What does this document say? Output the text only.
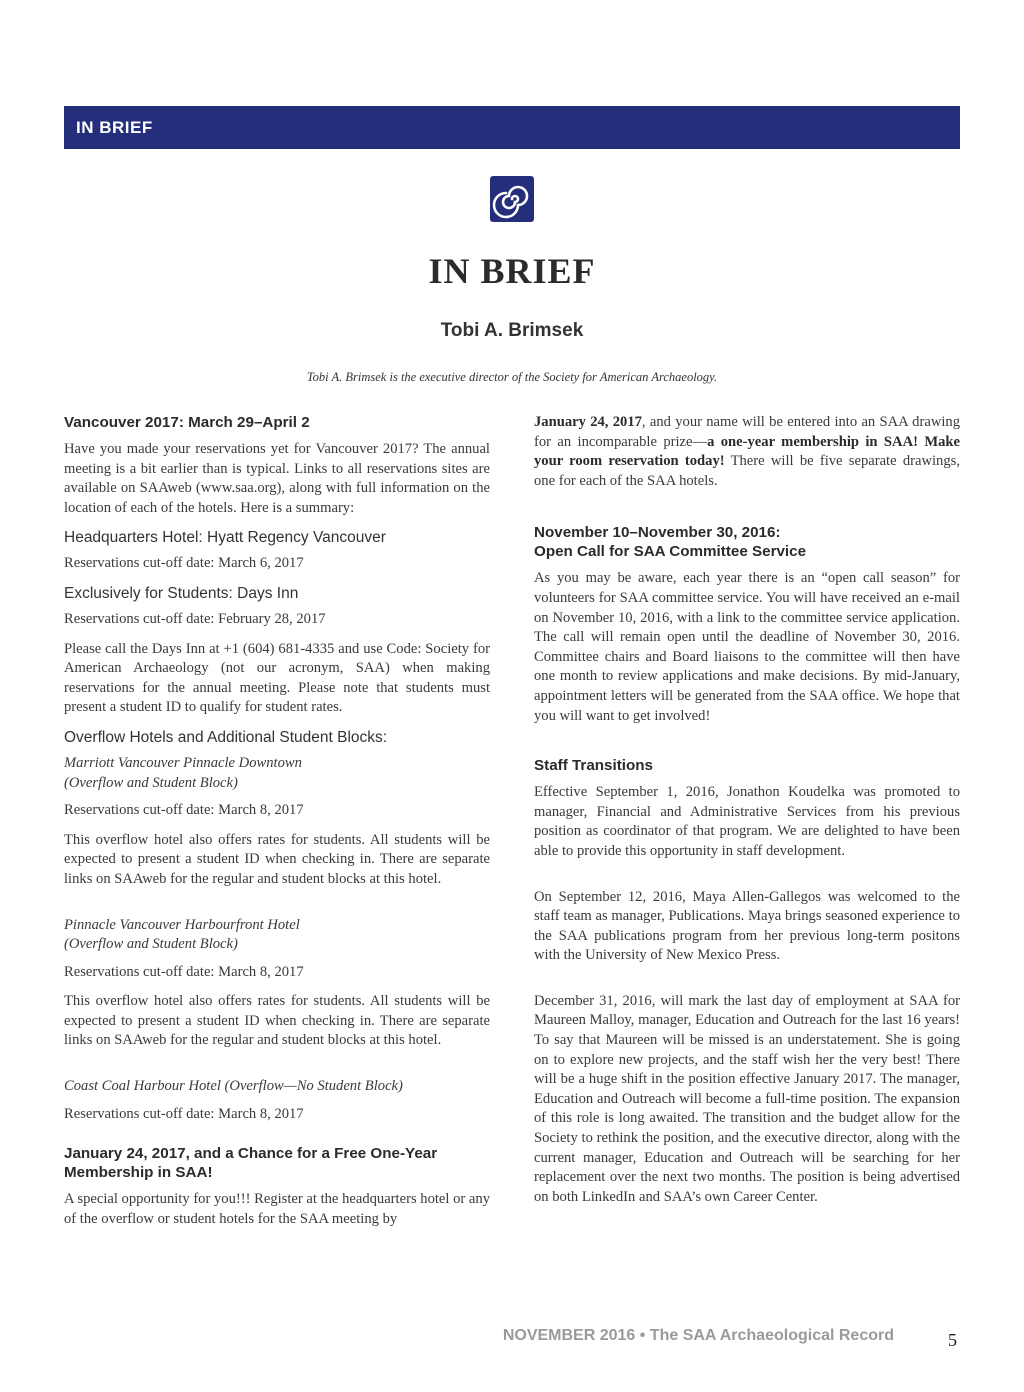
IN BRIEF
IN BRIEF
Tobi A. Brimsek
Tobi A. Brimsek is the executive director of the Society for American Archaeology.
Vancouver 2017: March 29–April 2

Have you made your reservations yet for Vancouver 2017? The annual meeting is a bit earlier than is typical. Links to all reservations sites are available on SAAweb (www.saa.org), along with full information on the location of each of the hotels. Here is a summary:

Headquarters Hotel: Hyatt Regency Vancouver

Reservations cut-off date: March 6, 2017

Exclusively for Students: Days Inn

Reservations cut-off date: February 28, 2017

Please call the Days Inn at +1 (604) 681-4335 and use Code: Society for American Archaeology (not our acronym, SAA) when making reservations for the annual meeting. Please note that students must present a student ID to qualify for student rates.

Overflow Hotels and Additional Student Blocks:

Marriott Vancouver Pinnacle Downtown
(Overflow and Student Block)

Reservations cut-off date: March 8, 2017

This overflow hotel also offers rates for students. All students will be expected to present a student ID when checking in. There are separate links on SAAweb for the regular and student blocks at this hotel.

Pinnacle Vancouver Harbourfront Hotel
(Overflow and Student Block)

Reservations cut-off date: March 8, 2017

This overflow hotel also offers rates for students. All students will be expected to present a student ID when checking in. There are separate links on SAAweb for the regular and student blocks at this hotel.

Coast Coal Harbour Hotel (Overflow—No Student Block)

Reservations cut-off date: March 8, 2017

January 24, 2017, and a Chance for a Free One-Year Membership in SAA!

A special opportunity for you!!! Register at the headquarters hotel or any of the overflow or student hotels for the SAA meeting by

January 24, 2017, and your name will be entered into an SAA drawing for an incomparable prize—a one-year membership in SAA! Make your room reservation today! There will be five separate drawings, one for each of the SAA hotels.

November 10–November 30, 2016:
Open Call for SAA Committee Service

As you may be aware, each year there is an “open call season” for volunteers for SAA committee service. You will have received an e-mail on November 10, 2016, with a link to the committee service application. The call will remain open until the deadline of November 30, 2016. Committee chairs and Board liaisons to the committee will then have one month to review applications and make decisions. By mid-January, appointment letters will be generated from the SAA office. We hope that you will want to get involved!

Staff Transitions

Effective September 1, 2016, Jonathon Koudelka was promoted to manager, Financial and Administrative Services from his previous position as coordinator of that program. We are delighted to have been able to provide this opportunity in staff development.

On September 12, 2016, Maya Allen-Gallegos was welcomed to the staff team as manager, Publications. Maya brings seasoned experience to the SAA publications program from her previous long-term positons with the University of New Mexico Press.

December 31, 2016, will mark the last day of employment at SAA for Maureen Malloy, manager, Education and Outreach for the last 16 years! To say that Maureen will be missed is an understatement. She is going on to explore new projects, and the staff wish her the very best! There will be a huge shift in the position effective January 2017. The manager, Education and Outreach will become a full-time position. The expansion of this role is long awaited. The transition and the budget allow for the Society to rethink the position, and the executive director, along with the current manager, Education and Outreach will be searching for her replacement over the next two months. The position is being advertised on both LinkedIn and SAA’s own Career Center.

NOVEMBER 2016 • The SAA Archaeological Record	5
